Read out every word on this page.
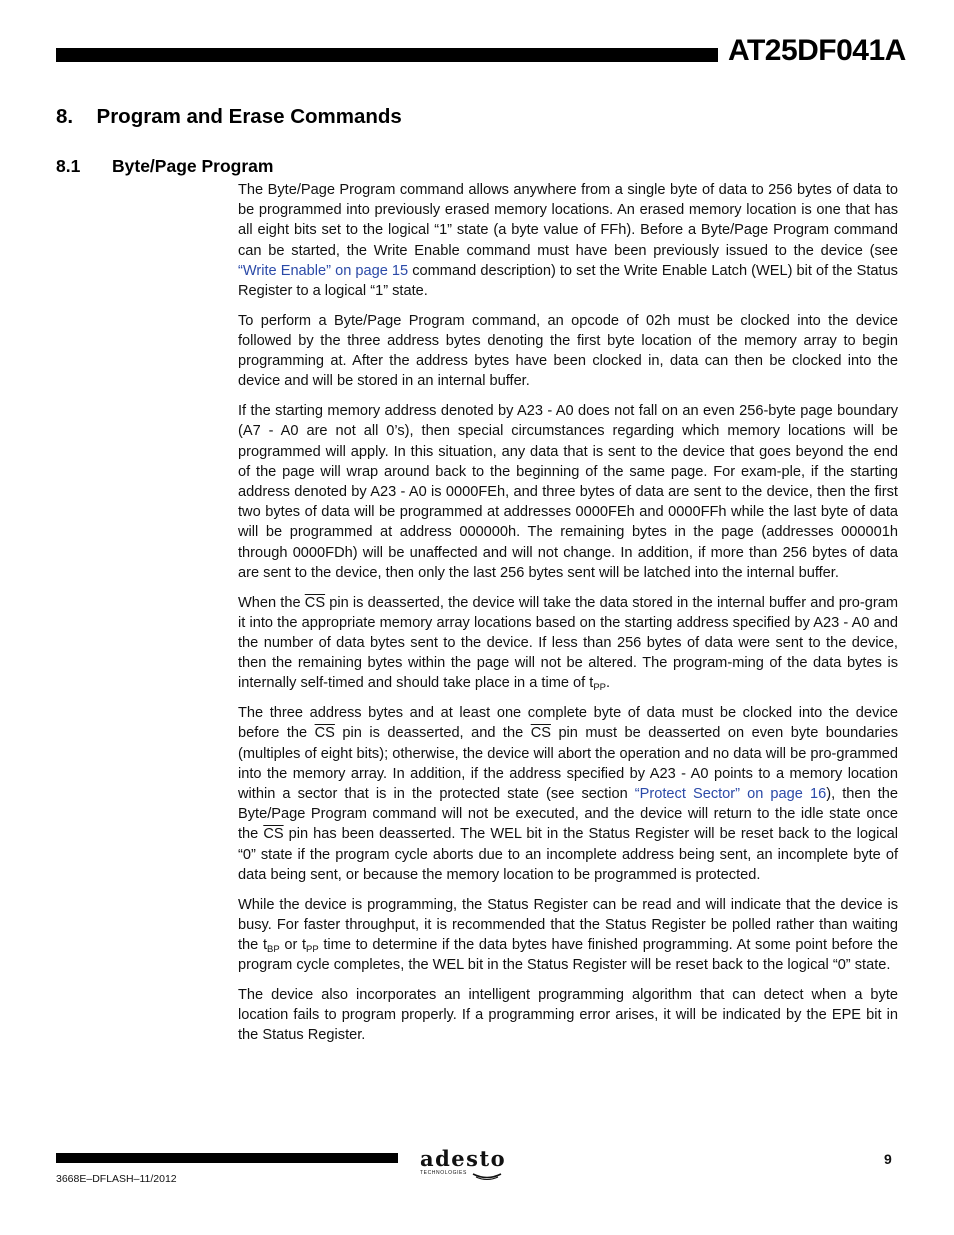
AT25DF041A
8. Program and Erase Commands
8.1 Byte/Page Program

The Byte/Page Program command allows anywhere from a single byte of data to 256 bytes of data to be programmed into previously erased memory locations. An erased memory location is one that has all eight bits set to the logical “1” state (a byte value of FFh). Before a Byte/Page Program command can be started, the Write Enable command must have been previously issued to the device (see “Write Enable” on page 15 command description) to set the Write Enable Latch (WEL) bit of the Status Register to a logical “1” state.

To perform a Byte/Page Program command, an opcode of 02h must be clocked into the device followed by the three address bytes denoting the first byte location of the memory array to begin programming at. After the address bytes have been clocked in, data can then be clocked into the device and will be stored in an internal buffer.

If the starting memory address denoted by A23 - A0 does not fall on an even 256-byte page boundary (A7 - A0 are not all 0’s), then special circumstances regarding which memory locations will be programmed will apply. In this situation, any data that is sent to the device that goes beyond the end of the page will wrap around back to the beginning of the same page. For exam-ple, if the starting address denoted by A23 - A0 is 0000FEh, and three bytes of data are sent to the device, then the first two bytes of data will be programmed at addresses 0000FEh and 0000FFh while the last byte of data will be programmed at address 000000h. The remaining bytes in the page (addresses 000001h through 0000FDh) will be unaffected and will not change. In addition, if more than 256 bytes of data are sent to the device, then only the last 256 bytes sent will be latched into the internal buffer.

When the $\overline{CS}$ pin is deasserted, the device will take the data stored in the internal buffer and pro-gram it into the appropriate memory array locations based on the starting address specified by A23 - A0 and the number of data bytes sent to the device. If less than 256 bytes of data were sent to the device, then the remaining bytes within the page will not be altered. The program-ming of the data bytes is internally self-timed and should take place in a time of $t_{PP}$.

The three address bytes and at least one complete byte of data must be clocked into the device before the $\overline{CS}$ pin is deasserted, and the $\overline{CS}$ pin must be deasserted on even byte boundaries (multiples of eight bits); otherwise, the device will abort the operation and no data will be pro-grammed into the memory array. In addition, if the address specified by A23 - A0 points to a memory location within a sector that is in the protected state (see section “Protect Sector” on page 16), then the Byte/Page Program command will not be executed, and the device will return to the idle state once the $\overline{CS}$ pin has been deasserted. The WEL bit in the Status Register will be reset back to the logical “0” state if the program cycle aborts due to an incomplete address being sent, an incomplete byte of data being sent, or because the memory location to be programmed is protected.

While the device is programming, the Status Register can be read and will indicate that the device is busy. For faster throughput, it is recommended that the Status Register be polled rather than waiting the $t_{BP}$ or $t_{PP}$ time to determine if the data bytes have finished programming. At some point before the program cycle completes, the WEL bit in the Status Register will be reset back to the logical “0” state.

The device also incorporates an intelligent programming algorithm that can detect when a byte location fails to program properly. If a programming error arises, it will be indicated by the EPE bit in the Status Register.

3668E–DFLASH–11/2012
adesto
TECHNOLOGIES
9
